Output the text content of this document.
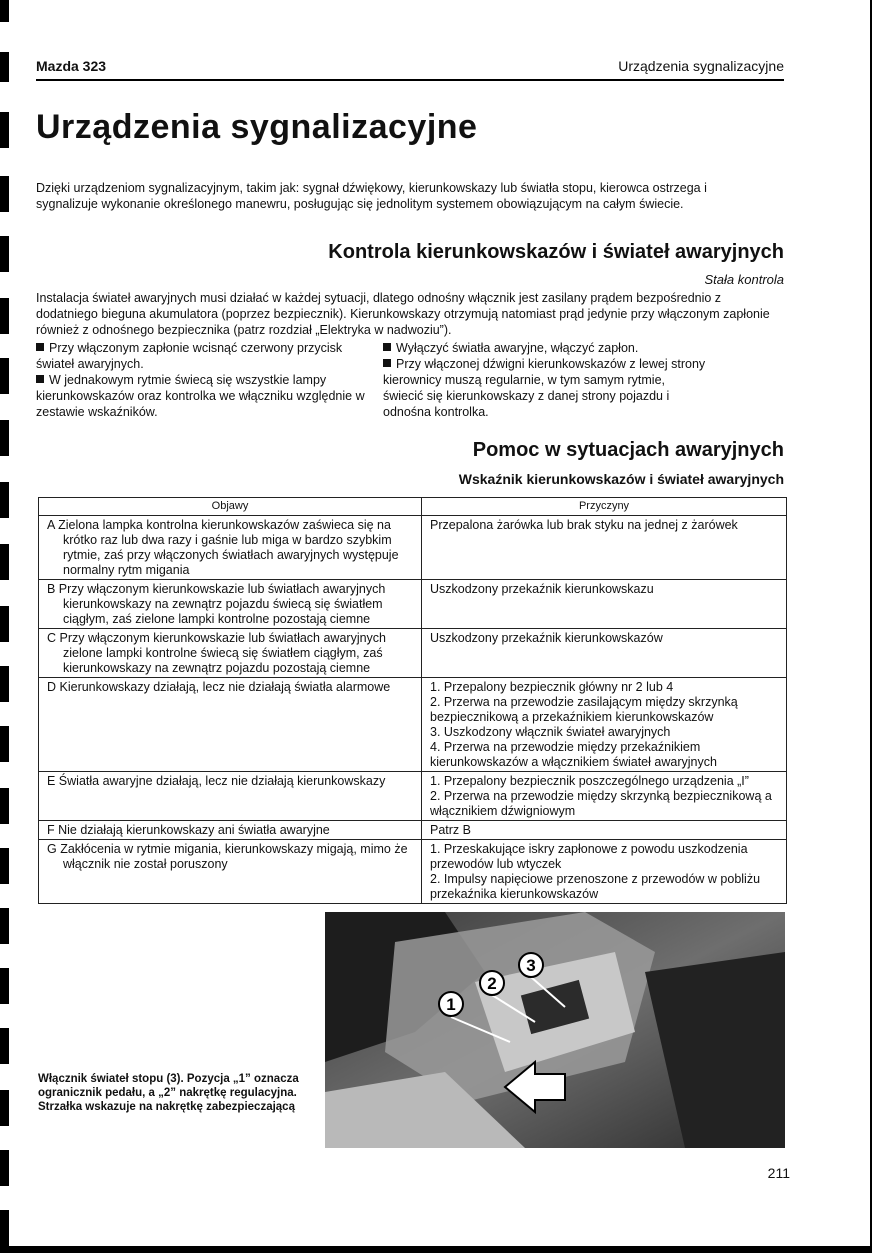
Mazda 323	Urządzenia sygnalizacyjne
Urządzenia sygnalizacyjne

Dzięki urządzeniom sygnalizacyjnym, takim jak: sygnał dźwiękowy, kierunkowskazy lub światła stopu, kierowca ostrzega i sygnalizuje wykonanie określonego manewru, posługując się jednolitym systemem obowiązującym na całym świecie.

Kontrola kierunkowskazów i świateł awaryjnych
Stała kontrola

Instalacja świateł awaryjnych musi działać w każdej sytuacji, dlatego odnośny włącznik jest zasilany prądem bezpośrednio z dodatniego bieguna akumulatora (poprzez bezpiecznik). Kierunkowskazy otrzymują natomiast prąd jedynie przy włączonym zapłonie również z odnośnego bezpiecznika (patrz rozdział „Elektryka w nadwoziu”).

Przy włączonym zapłonie wcisnąć czerwony przycisk świateł awaryjnych.

W jednakowym rytmie świecą się wszystkie lampy kierunkowskazów oraz kontrolka we włączniku względnie w zestawie wskaźników.

Wyłączyć światła awaryjne, włączyć zapłon.

Przy włączonej dźwigni kierunkowskazów z lewej strony kierownicy muszą regularnie, w tym samym rytmie, świecić się kierunkowskazy z danej strony pojazdu i odnośna kontrolka.

Pomoc w sytuacjach awaryjnych
Wskaźnik kierunkowskazów i świateł awaryjnych
Objawy	Przyczyny
A Zielona lampka kontrolna kierunkowskazów zaświeca się na krótko raz lub dwa razy i gaśnie lub miga w bardzo szybkim rytmie, zaś przy włączonych światłach awaryjnych występuje normalny rytm migania	Przepalona żarówka lub brak styku na jednej z żarówek

B Przy włączonym kierunkowskazie lub światłach awaryjnych kierunkowskazy na zewnątrz pojazdu świecą się światłem ciągłym, zaś zielone lampki kontrolne pozostają ciemne	Uszkodzony przekaźnik kierunkowskazu

C Przy włączonym kierunkowskazie lub światłach awaryjnych zielone lampki kontrolne świecą się światłem ciągłym, zaś kierunkowskazy na zewnątrz pojazdu pozostają ciemne	Uszkodzony przekaźnik kierunkowskazów

D Kierunkowskazy działają, lecz nie działają światła alarmowe	1. Przepalony bezpiecznik główny nr 2 lub 4
2. Przerwa na przewodzie zasilającym między skrzynką bezpiecznikową a przekaźnikiem kierunkowskazów
3. Uszkodzony włącznik świateł awaryjnych
4. Przerwa na przewodzie między przekaźnikiem kierunkowskazów a włącznikiem świateł awaryjnych

E Światła awaryjne działają, lecz nie działają kierunkowskazy	1. Przepalony bezpiecznik poszczególnego urządzenia „I”
2. Przerwa na przewodzie między skrzynką bezpiecznikową a włącznikiem dźwigniowym

F Nie działają kierunkowskazy ani światła awaryjne	Patrz B

G Zakłócenia w rytmie migania, kierunkowskazy migają, mimo że włącznik nie został poruszony	1. Przeskakujące iskry zapłonowe z powodu uszkodzenia przewodów lub wtyczek
2. Impulsy napięciowe przenoszone z przewodów w pobliżu przekaźnika kierunkowskazów
1
2
3

Włącznik świateł stopu (3). Pozycja „1” oznacza ogranicznik pedału, a „2” nakrętkę regulacyjna. Strzałka wskazuje na nakrętkę zabezpieczającą

211
